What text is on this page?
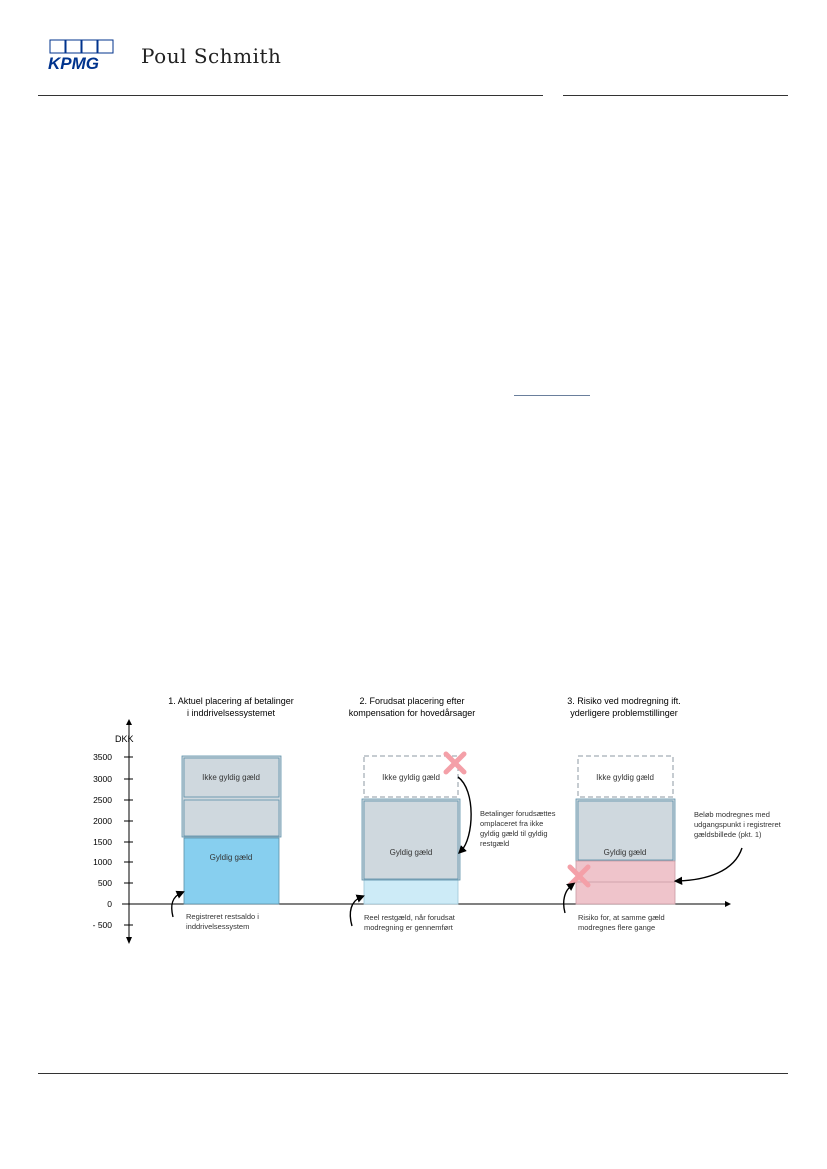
KPMG Poul Schmith
DKK
3500
3000
2500
2000
1500
1000
500
0
- 500
1. Aktuel placering af betalinger
i inddrivelsessystemet
Ikke gyldig gæld
Gyldig gæld
Registreret restsaldo i
inddrivelsessystem
2. Forudsat placering efter
kompensation for hovedårsager
Ikke gyldig gæld
Gyldig gæld
Betalinger forudsættes
omplaceret fra ikke
gyldig gæld til gyldig
restgæld
Reel restgæld, når forudsat
modregning er gennemført
3. Risiko ved modregning ift.
yderligere problemstillinger
Ikke gyldig gæld
Gyldig gæld
Beløb modregnes med
udgangspunkt i registreret
gældsbillede (pkt. 1)
Risiko for, at samme gæld
modregnes flere gange
